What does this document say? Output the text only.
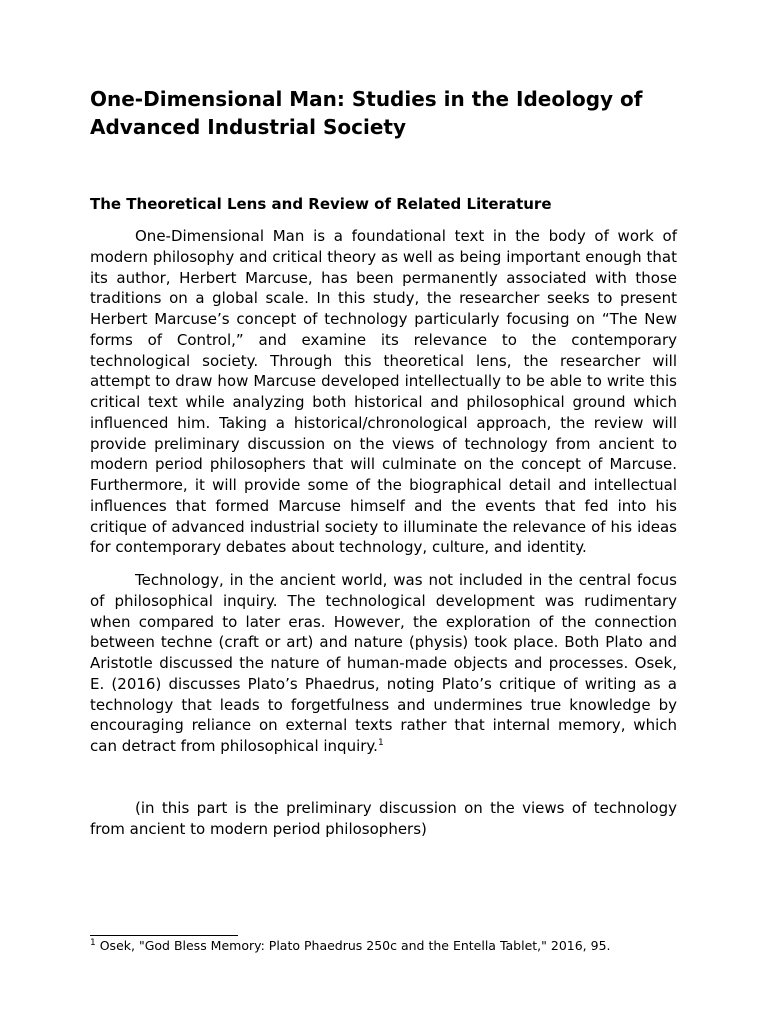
One-Dimensional Man: Studies in the Ideology of Advanced Industrial Society
The Theoretical Lens and Review of Related Literature

One-Dimensional Man is a foundational text in the body of work of modern philosophy and critical theory as well as being important enough that its author, Herbert Marcuse, has been permanently associated with those traditions on a global scale. In this study, the researcher seeks to present Herbert Marcuse’s concept of technology particularly focusing on “The New forms of Control,” and examine its relevance to the contemporary technological society. Through this theoretical lens, the researcher will attempt to draw how Marcuse developed intellectually to be able to write this critical text while analyzing both historical and philosophical ground which influenced him. Taking a historical/chronological approach, the review will provide preliminary discussion on the views of technology from ancient to modern period philosophers that will culminate on the concept of Marcuse. Furthermore, it will provide some of the biographical detail and intellectual influences that formed Marcuse himself and the events that fed into his critique of advanced industrial society to illuminate the relevance of his ideas for contemporary debates about technology, culture, and identity.

Technology, in the ancient world, was not included in the central focus of philosophical inquiry. The technological development was rudimentary when compared to later eras. However, the exploration of the connection between techne (craft or art) and nature (physis) took place. Both Plato and Aristotle discussed the nature of human-made objects and processes. Osek, E. (2016) discusses Plato’s Phaedrus, noting Plato’s critique of writing as a technology that leads to forgetfulness and undermines true knowledge by encouraging reliance on external texts rather that internal memory, which can detract from philosophical inquiry.$^1$

(in this part is the preliminary discussion on the views of technology from ancient to modern period philosophers)

$^1$ Osek, "God Bless Memory: Plato Phaedrus 250c and the Entella Tablet," 2016, 95.
